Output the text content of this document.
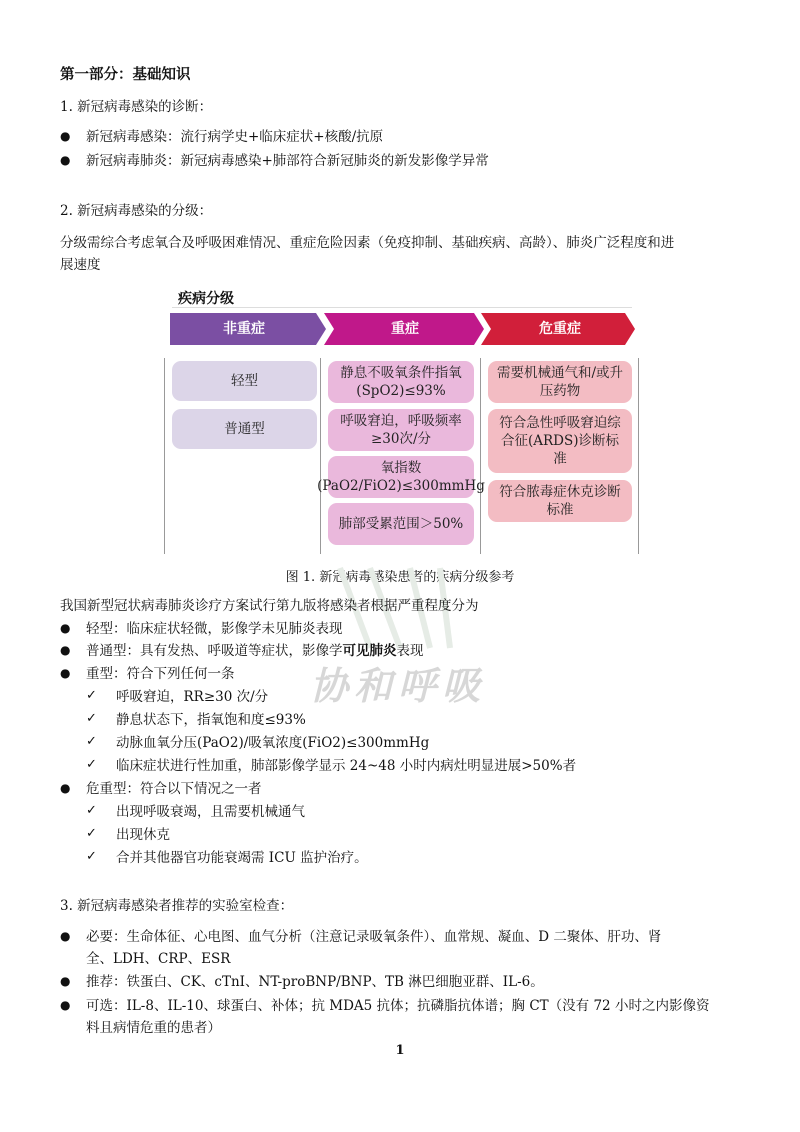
第一部分：基础知识
1. 新冠病毒感染的诊断：
● 新冠病毒感染：流行病学史+临床症状+核酸/抗原
● 新冠病毒肺炎：新冠病毒感染+肺部符合新冠肺炎的新发影像学异常
2. 新冠病毒感染的分级：
分级需综合考虑氧合及呼吸困难情况、重症危险因素（免疫抑制、基础疾病、高龄）、肺炎广泛程度和进
展速度
疾病分级
非重症	重症	危重症
轻型
普通型
静息不吸氧条件指氧(SpO2)≤93%
呼吸窘迫，呼吸频率≥30次/分
氧指数(PaO2/FiO2)≤300mmHg
肺部受累范围＞50%
需要机械通气和/或升压药物
符合急性呼吸窘迫综合征(ARDS)诊断标准
符合脓毒症休克诊断标准
图 1. 新冠病毒感染患者的疾病分级参考
协和呼吸
我国新型冠状病毒肺炎诊疗方案试行第九版将感染者根据严重程度分为
● 轻型：临床症状轻微，影像学未见肺炎表现
● 普通型：具有发热、呼吸道等症状，影像学可见肺炎表现
● 重型：符合下列任何一条
✓ 呼吸窘迫，RR≥30 次/分
✓ 静息状态下，指氧饱和度≤93%
✓ 动脉血氧分压(PaO2)/吸氧浓度(FiO2)≤300mmHg
✓ 临床症状进行性加重，肺部影像学显示 24~48 小时内病灶明显进展>50%者
● 危重型：符合以下情况之一者
✓ 出现呼吸衰竭，且需要机械通气
✓ 出现休克
✓ 合并其他器官功能衰竭需 ICU 监护治疗。
3. 新冠病毒感染者推荐的实验室检查：
● 必要：生命体征、心电图、血气分析（注意记录吸氧条件）、血常规、凝血、D 二聚体、肝功、肾
全、LDH、CRP、ESR
● 推荐：铁蛋白、CK、cTnI、NT-proBNP/BNP、TB 淋巴细胞亚群、IL-6。
● 可选：IL-8、IL-10、球蛋白、补体；抗 MDA5 抗体；抗磷脂抗体谱；胸 CT（没有 72 小时之内影像资
料且病情危重的患者）
1
